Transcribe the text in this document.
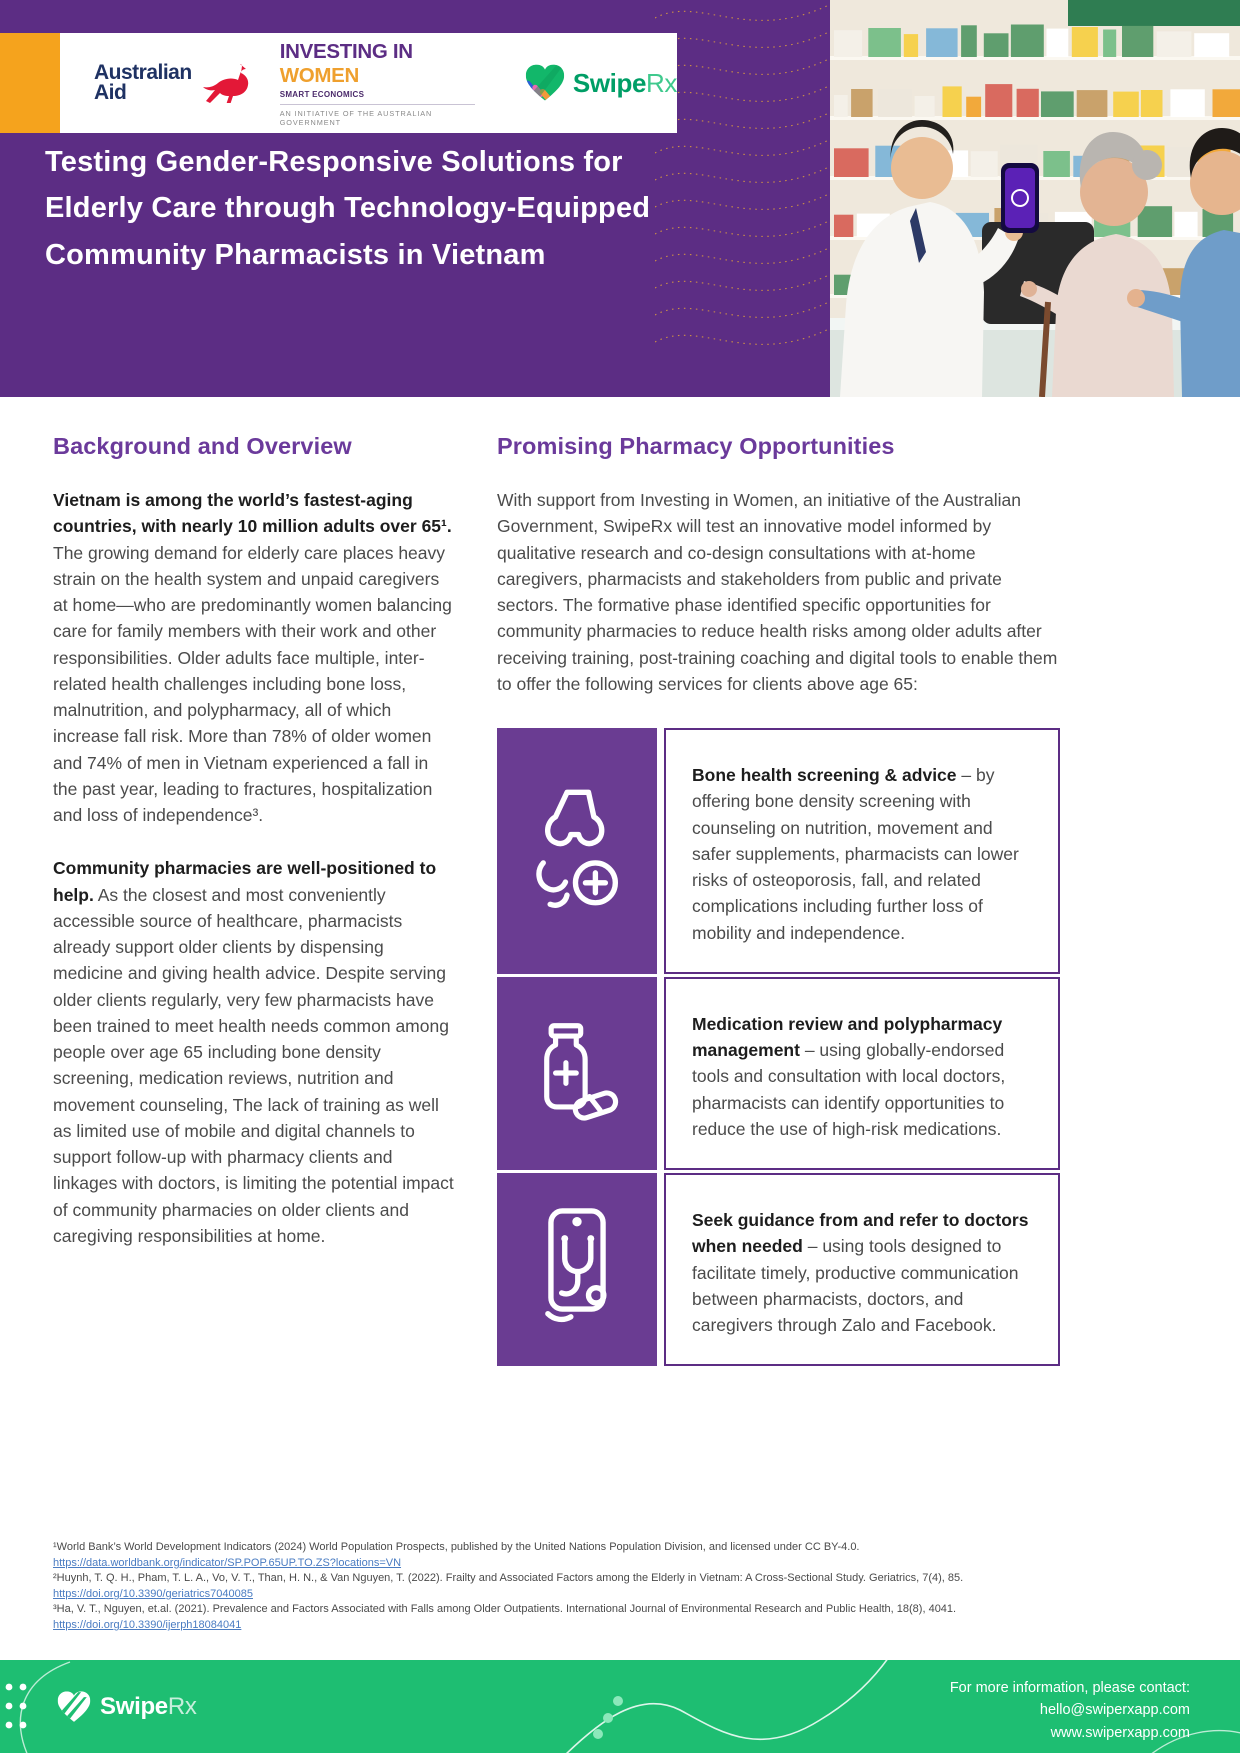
Australian
Aid
INVESTING IN WOMEN
SMART ECONOMICS
AN INITIATIVE OF THE AUSTRALIAN GOVERNMENT
SwipeRx
Testing Gender-Responsive Solutions for
Elderly Care through Technology-Equipped
Community Pharmacists in Vietnam
Background and Overview

Vietnam is among the world’s fastest-aging countries, with nearly 10 million adults over 65¹. The growing demand for elderly care places heavy strain on the health system and unpaid caregivers at home—who are predominantly women balancing care for family members with their work and other responsibilities. Older adults face multiple, inter-related health challenges including bone loss, malnutrition, and polypharmacy, all of which increase fall risk. More than 78% of older women and 74% of men in Vietnam experienced a fall in the past year, leading to fractures, hospitalization and loss of independence³.

Community pharmacies are well-positioned to help. As the closest and most conveniently accessible source of healthcare, pharmacists already support older clients by dispensing medicine and giving health advice. Despite serving older clients regularly, very few pharmacists have been trained to meet health needs common among people over age 65 including bone density screening, medication reviews, nutrition and movement counseling, The lack of training as well as limited use of mobile and digital channels to support follow-up with pharmacy clients and linkages with doctors, is limiting the potential impact of community pharmacies on older clients and caregiving responsibilities at home.

Promising Pharmacy Opportunities

With support from Investing in Women, an initiative of the Australian Government, SwipeRx will test an innovative model informed by qualitative research and co-design consultations with at-home caregivers, pharmacists and stakeholders from public and private sectors. The formative phase identified specific opportunities for community pharmacies to reduce health risks among older adults after receiving training, post-training coaching and digital tools to enable them to offer the following services for clients above age 65:

Bone health screening & advice – by offering bone density screening with counseling on nutrition, movement and safer supplements, pharmacists can lower risks of osteoporosis, fall, and related complications including further loss of mobility and independence.

Medication review and polypharmacy management – using globally-endorsed tools and consultation with local doctors, pharmacists can identify opportunities to reduce the use of high-risk medications.

Seek guidance from and refer to doctors when needed – using tools designed to facilitate timely, productive communication between pharmacists, doctors, and caregivers through Zalo and Facebook.

¹World Bank’s World Development Indicators (2024) World Population Prospects, published by the United Nations Population Division, and licensed under CC BY-4.0.
https://data.worldbank.org/indicator/SP.POP.65UP.TO.ZS?locations=VN
²Huynh, T. Q. H., Pham, T. L. A., Vo, V. T., Than, H. N., & Van Nguyen, T. (2022). Frailty and Associated Factors among the Elderly in Vietnam: A Cross-Sectional Study. Geriatrics, 7(4), 85.
https://doi.org/10.3390/geriatrics7040085
³Ha, V. T., Nguyen, et.al. (2021). Prevalence and Factors Associated with Falls among Older Outpatients. International Journal of Environmental Research and Public Health, 18(8), 4041.
https://doi.org/10.3390/ijerph18084041
SwipeRx
For more information, please contact:
hello@swiperxapp.com
www.swiperxapp.com
